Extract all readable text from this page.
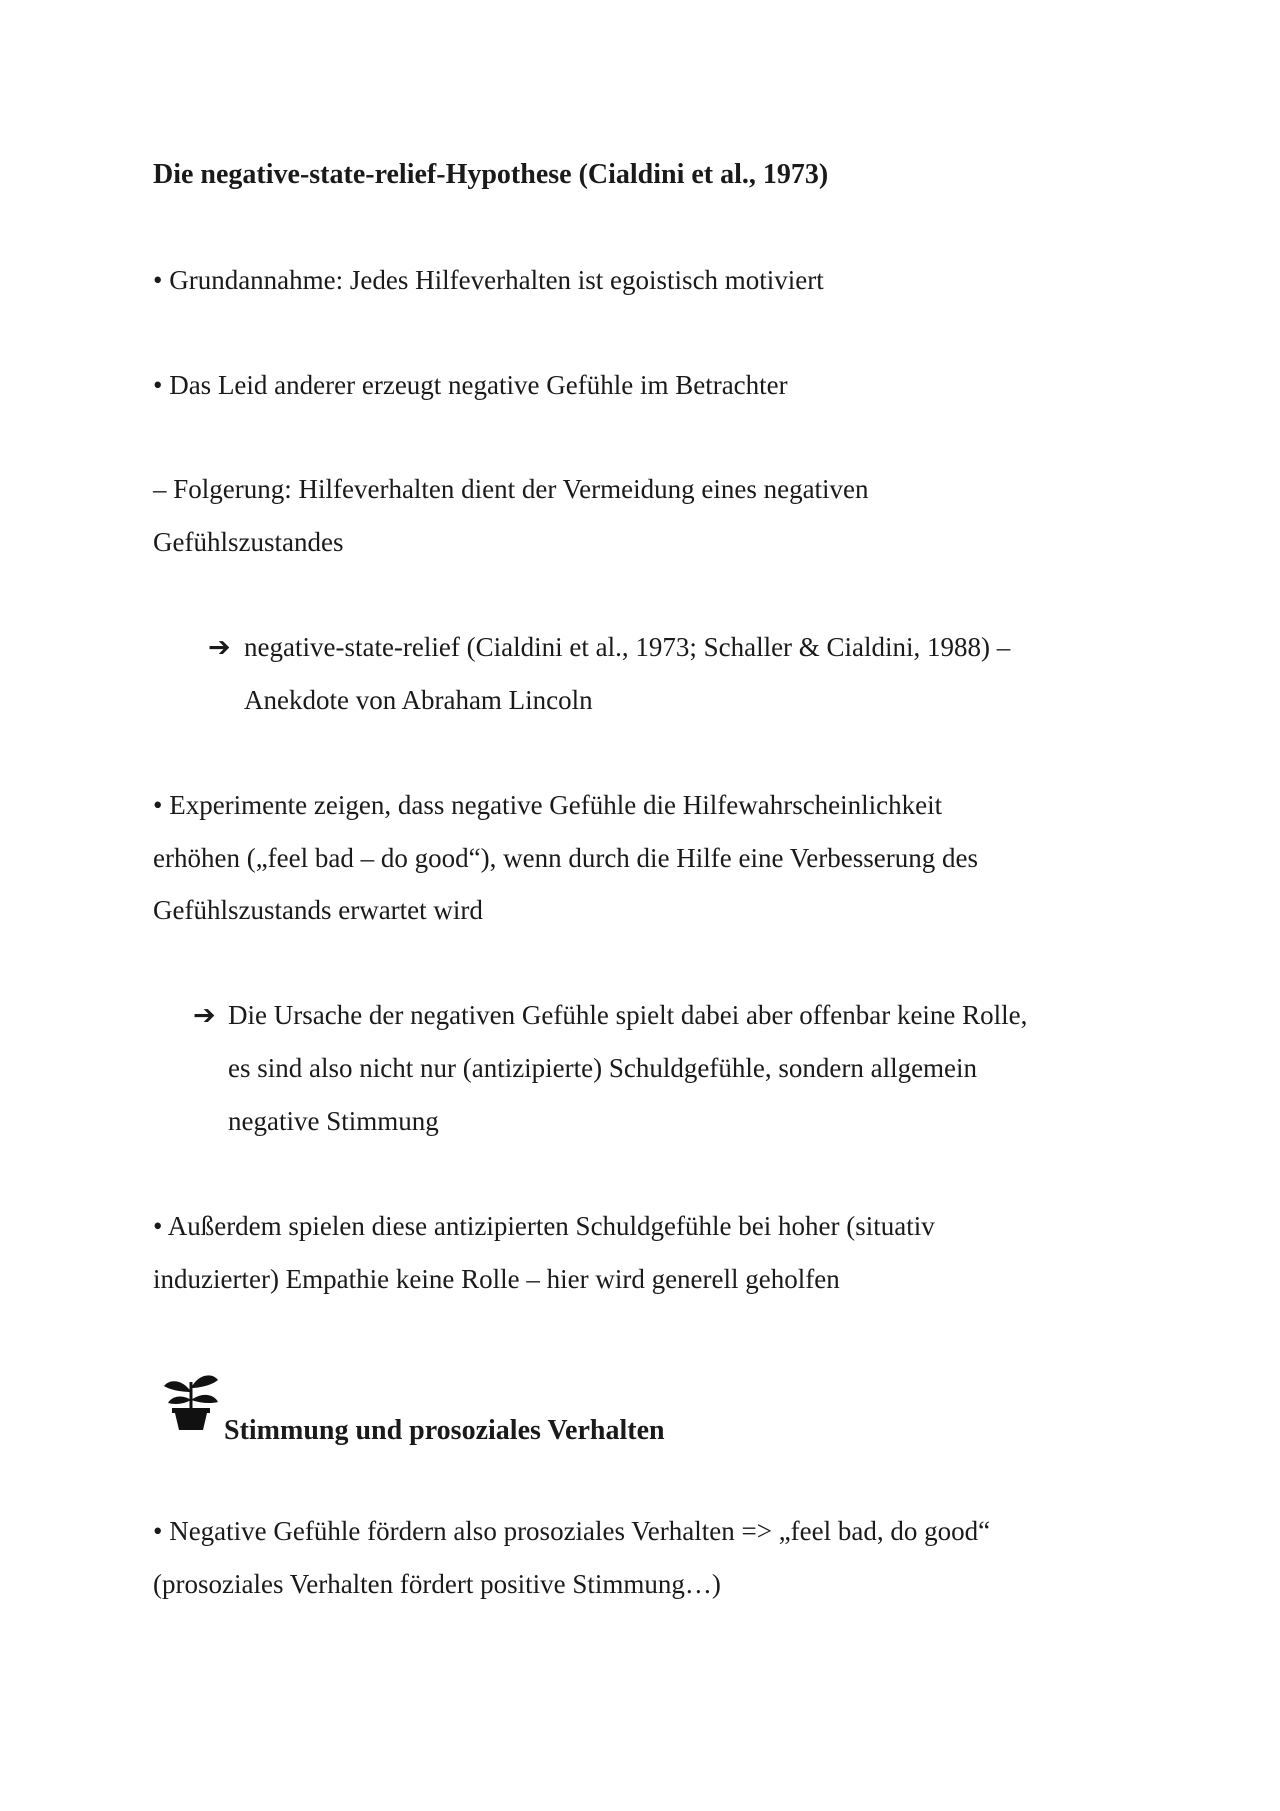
Die negative-state-relief-Hypothese (Cialdini et al., 1973)
• Grundannahme: Jedes Hilfeverhalten ist egoistisch motiviert
• Das Leid anderer erzeugt negative Gefühle im Betrachter
– Folgerung: Hilfeverhalten dient der Vermeidung eines negativen
Gefühlszustandes
➔ negative-state-relief (Cialdini et al., 1973; Schaller & Cialdini, 1988) –
Anekdote von Abraham Lincoln
• Experimente zeigen, dass negative Gefühle die Hilfewahrscheinlichkeit
erhöhen („feel bad – do good“), wenn durch die Hilfe eine Verbesserung des
Gefühlszustands erwartet wird
➔ Die Ursache der negativen Gefühle spielt dabei aber offenbar keine Rolle,
es sind also nicht nur (antizipierte) Schuldgefühle, sondern allgemein
negative Stimmung
• Außerdem spielen diese antizipierten Schuldgefühle bei hoher (situativ
induzierter) Empathie keine Rolle – hier wird generell geholfen
Stimmung und prosoziales Verhalten
• Negative Gefühle fördern also prosoziales Verhalten => „feel bad, do good“
(prosoziales Verhalten fördert positive Stimmung…)
